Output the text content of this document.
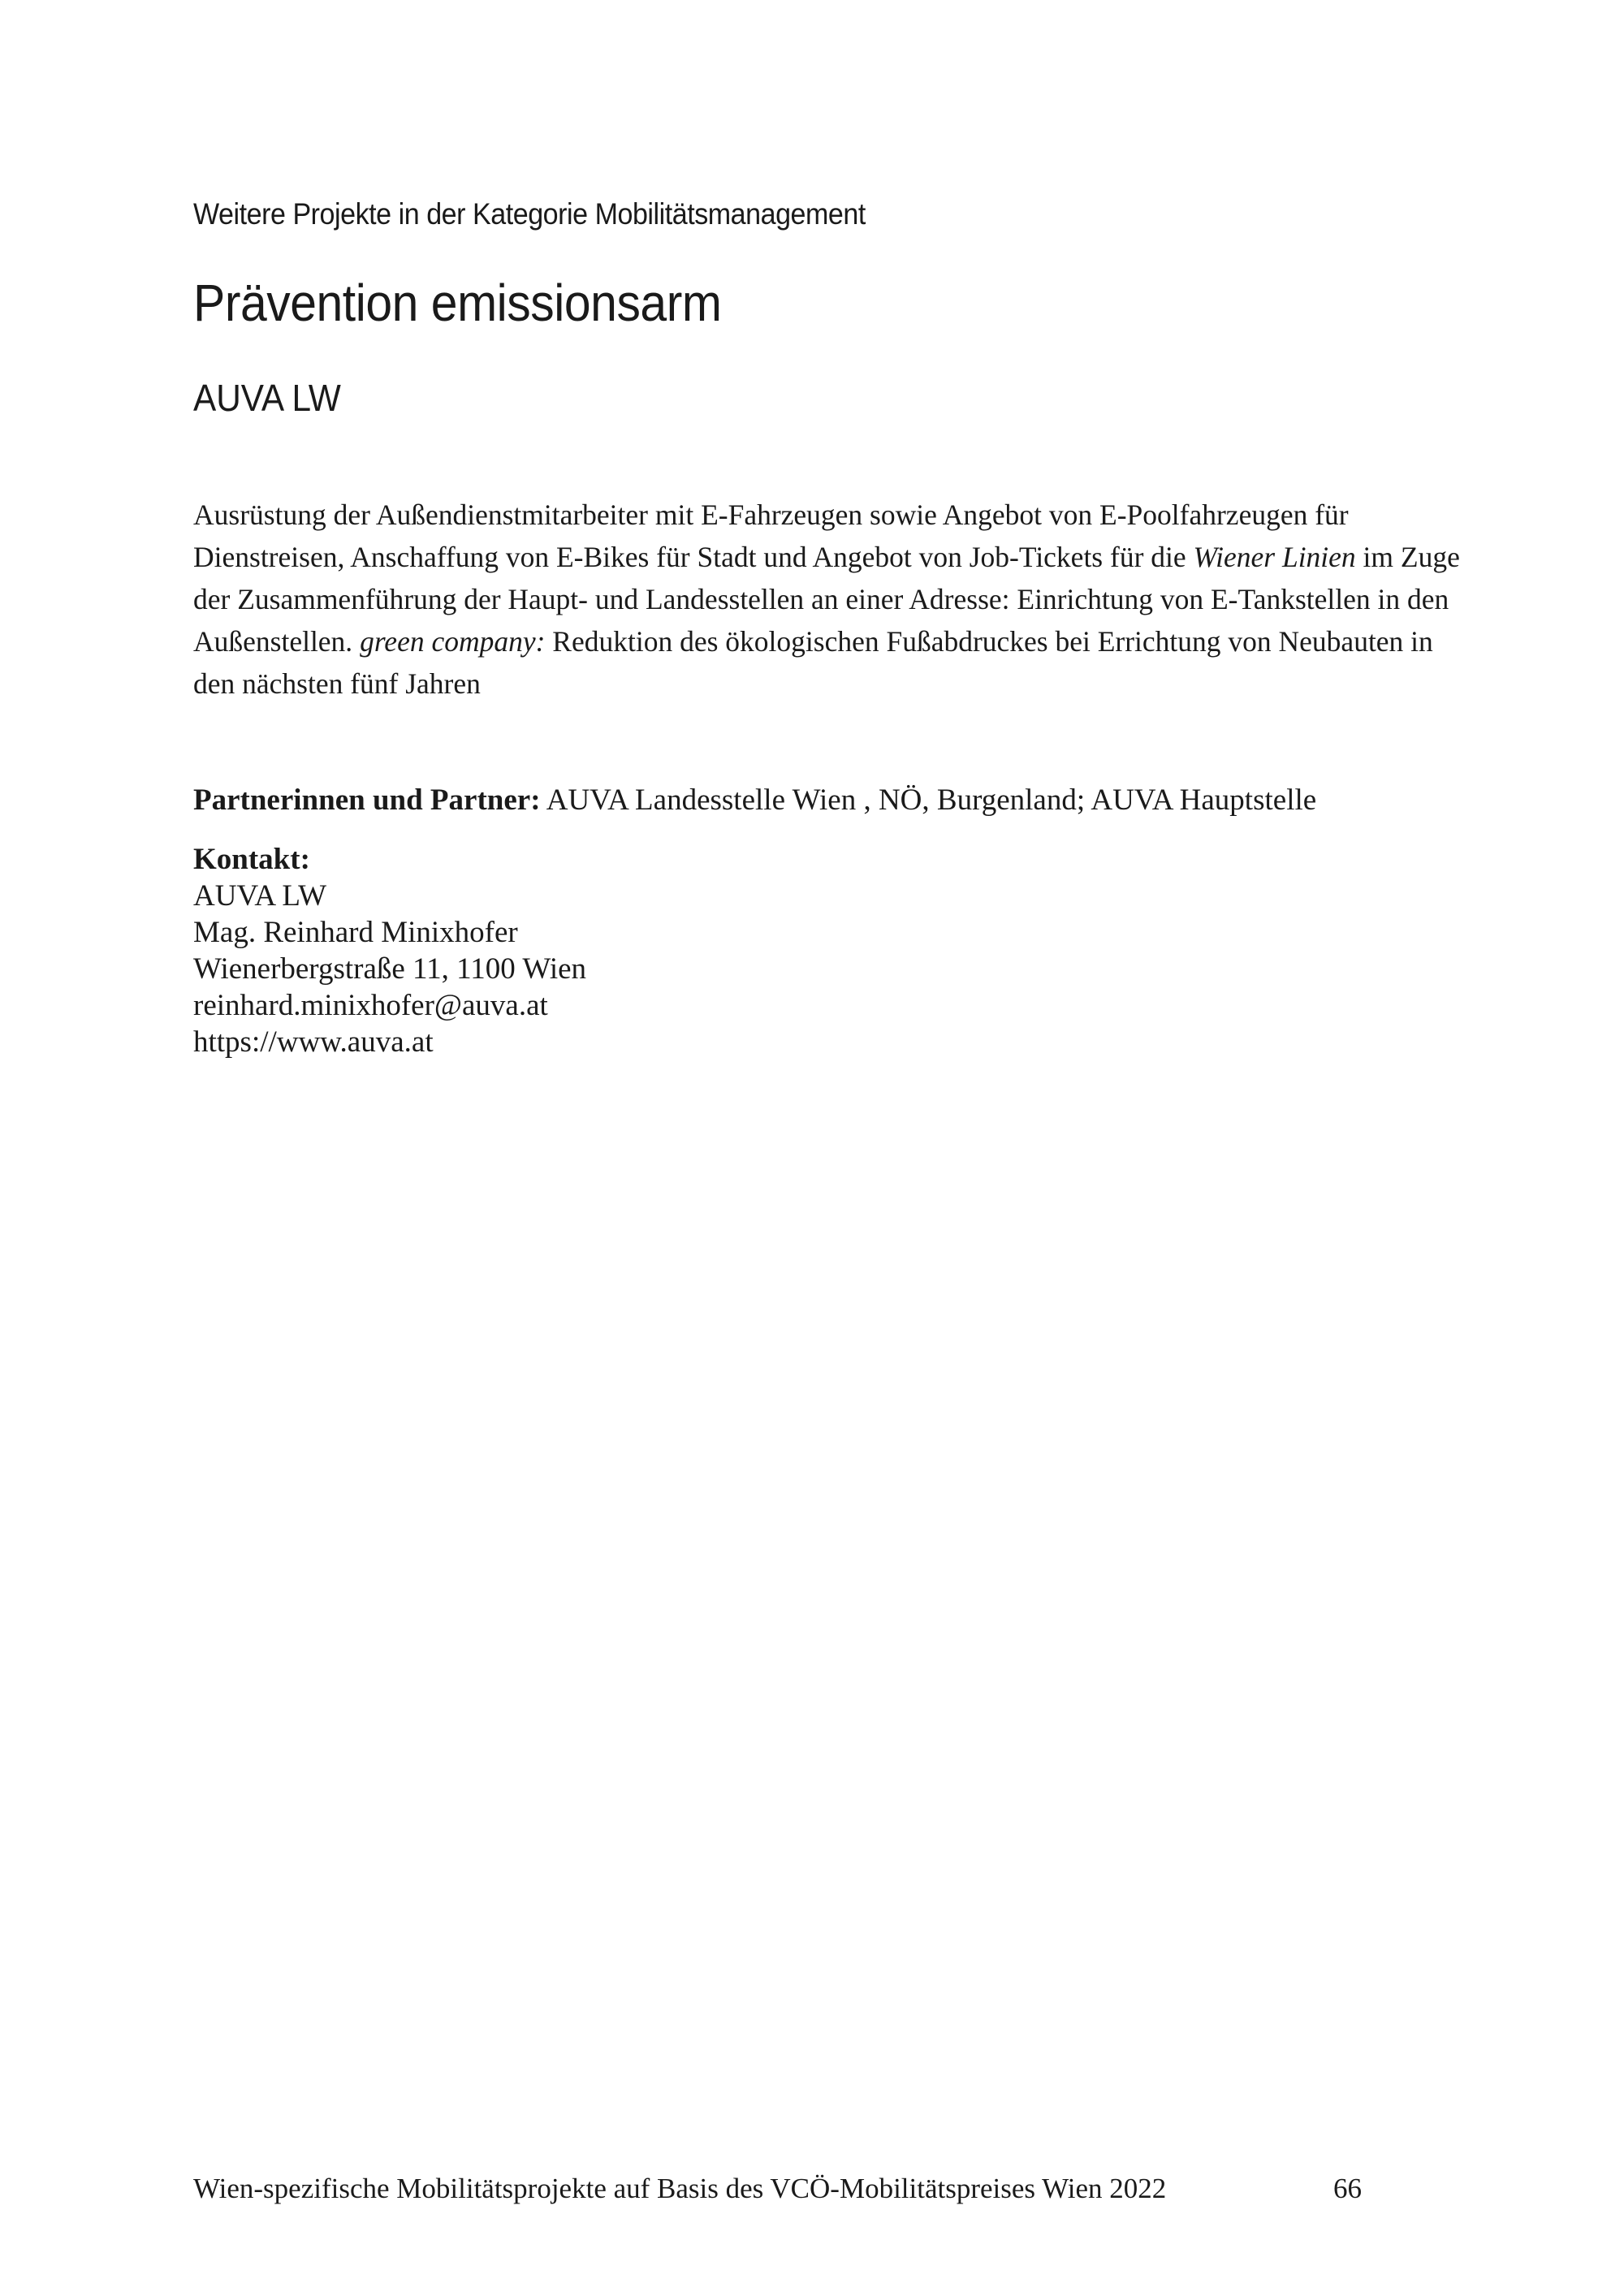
Weitere Projekte in der Kategorie Mobilitätsmanagement
Prävention emissionsarm
AUVA LW

Ausrüstung der Außendienstmitarbeiter mit E-Fahrzeugen sowie Angebot von E-Poolfahrzeugen für Dienstreisen, Anschaffung von E-Bikes für Stadt und Angebot von Job-Tickets für die Wiener Linien im Zuge der Zusammenführung der Haupt- und Landesstellen an einer Adresse: Einrichtung von E-Tankstellen in den Außenstellen. green company: Reduktion des ökologischen Fußabdruckes bei Errichtung von Neubauten in den nächsten fünf Jahren

Partnerinnen und Partner: AUVA Landesstelle Wien , NÖ, Burgenland; AUVA Hauptstelle
Kontakt:
AUVA LW
Mag. Reinhard Minixhofer
Wienerbergstraße 11, 1100 Wien
reinhard.minixhofer@auva.at
https://www.auva.at
Wien-spezifische Mobilitätsprojekte auf Basis des VCÖ-Mobilitätspreises Wien 2022	66
